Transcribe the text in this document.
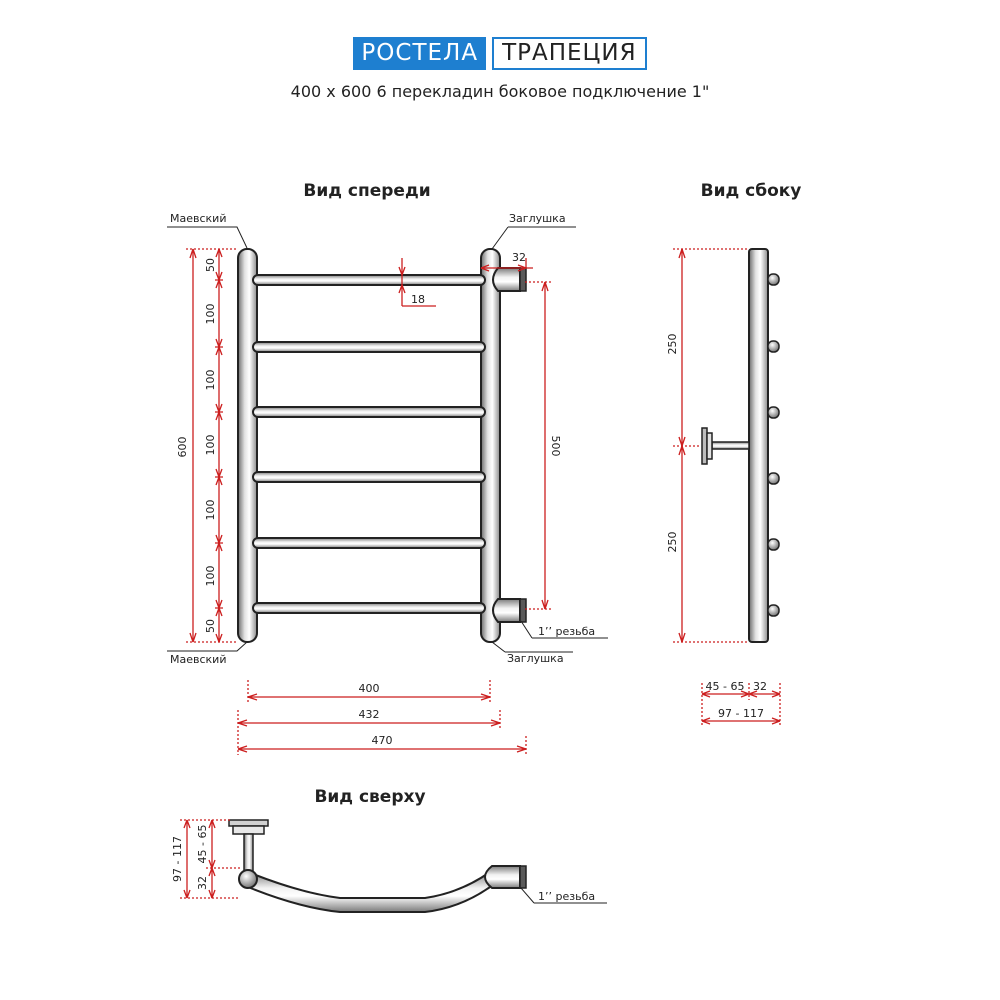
РОСТЕЛА	ТРАПЕЦИЯ
400 x 600 6 перекладин боковое подключение 1"
Вид спереди
Маевский
Маевский
Заглушка
Заглушка
1’’ резьба
600
50
100
100
100
100
100
50
32
18
500
400
432
470
Вид сбоку
250
250
45 - 65 32
97 - 117
Вид сверху
1’’ резьба
97 - 117
32
45 - 65
